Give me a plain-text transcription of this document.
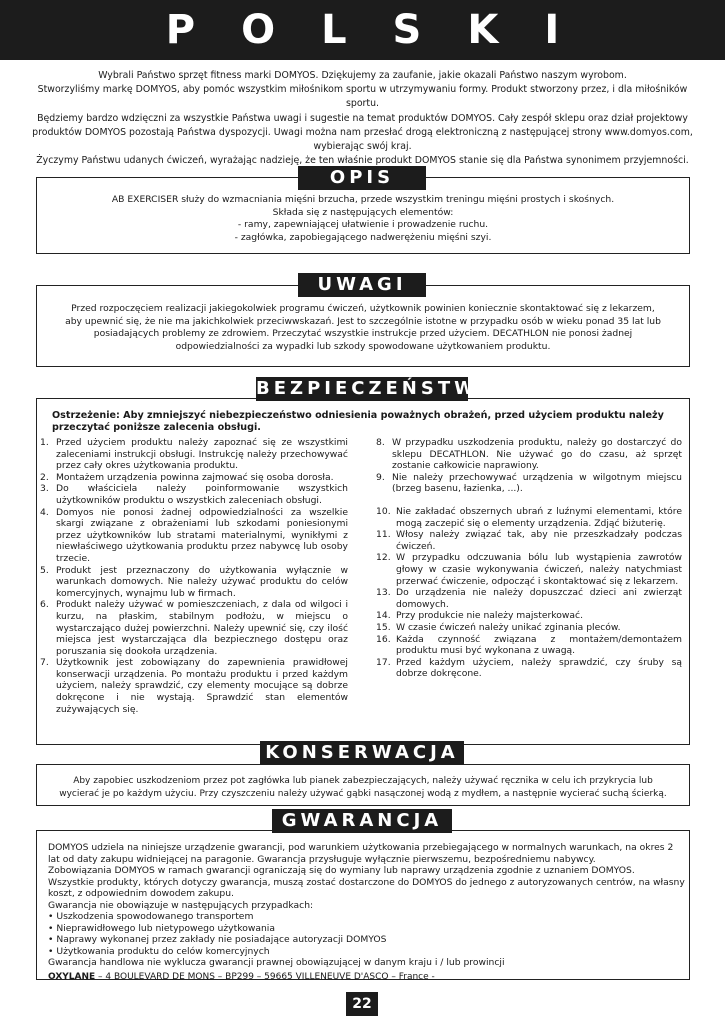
POLSKI

Wybrali Państwo sprzęt fitness marki DOMYOS. Dziękujemy za zaufanie, jakie okazali Państwo naszym wyrobom.

Stworzyliśmy markę DOMYOS, aby pomóc wszystkim miłośnikom sportu w utrzymywaniu formy. Produkt stworzony przez, i dla miłośników sportu.

Będziemy bardzo wdzięczni za wszystkie Państwa uwagi i sugestie na temat produktów DOMYOS. Cały zespół sklepu oraz dział projektowy

produktów DOMYOS pozostają Państwa dyspozycji. Uwagi można nam przesłać drogą elektroniczną z następującej strony www.domyos.com,

wybierając swój kraj.

Życzymy Państwu udanych ćwiczeń, wyrażając nadzieję, że ten właśnie produkt DOMYOS stanie się dla Państwa synonimem przyjemności.

AB EXERCISER służy do wzmacniania mięśni brzucha, przede wszystkim treningu mięśni prostych i skośnych.

Składa się z następujących elementów:

- ramy, zapewniającej ułatwienie i prowadzenie ruchu.

- zagłówka, zapobiegającego nadwerężeniu mięśni szyi.

OPIS

Przed rozpoczęciem realizacji jakiegokolwiek programu ćwiczeń, użytkownik powinien koniecznie skontaktować się z lekarzem,

aby upewnić się, że nie ma jakichkolwiek przeciwwskazań. Jest to szczególnie istotne w przypadku osób w wieku ponad 35 lat lub

posiadających problemy ze zdrowiem. Przeczytać wszystkie instrukcje przed użyciem. DECATHLON nie ponosi żadnej

odpowiedzialności za wypadki lub szkody spowodowane użytkowaniem produktu.

UWAGI
BEZPIECZEŃSTWO
Ostrzeżenie: Aby zmniejszyć niebezpieczeństwo odniesienia poważnych obrażeń, przed użyciem produktu należy przeczytać poniższe zalecenia obsługi.
1. Przed użyciem produktu należy zapoznać się ze wszystkimi zaleceniami instrukcji obsługi. Instrukcję należy przechowywać przez cały okres użytkowania produktu.
2. Montażem urządzenia powinna zajmować się osoba dorosła.
3. Do właściciela należy poinformowanie wszystkich użytkowników produktu o wszystkich zaleceniach obsługi.
4. Domyos nie ponosi żadnej odpowiedzialności za wszelkie skargi związane z obrażeniami lub szkodami poniesionymi przez użytkowników lub stratami materialnymi, wynikłymi z niewłaściwego użytkowania produktu przez nabywcę lub osoby trzecie.
5. Produkt jest przeznaczony do użytkowania wyłącznie w warunkach domowych. Nie należy używać produktu do celów komercyjnych, wynajmu lub w firmach.
6. Produkt należy używać w pomieszczeniach, z dala od wilgoci i kurzu, na płaskim, stabilnym podłożu, w miejscu o wystarczająco dużej powierzchni. Należy upewnić się, czy ilość miejsca jest wystarczająca dla bezpiecznego dostępu oraz poruszania się dookoła urządzenia.
7. Użytkownik jest zobowiązany do zapewnienia prawidłowej konserwacji urządzenia. Po montażu produktu i przed każdym użyciem, należy sprawdzić, czy elementy mocujące są dobrze dokręcone i nie wystają. Sprawdzić stan elementów zużywających się.
8. W przypadku uszkodzenia produktu, należy go dostarczyć do sklepu DECATHLON. Nie używać go do czasu, aż sprzęt zostanie całkowicie naprawiony.
9. Nie należy przechowywać urządzenia w wilgotnym miejscu (brzeg basenu, łazienka, ...).
10. Nie zakładać obszernych ubrań z luźnymi elementami, które mogą zaczepić się o elementy urządzenia. Zdjąć biżuterię.
11. Włosy należy związać tak, aby nie przeszkadzały podczas ćwiczeń.
12. W przypadku odczuwania bólu lub wystąpienia zawrotów głowy w czasie wykonywania ćwiczeń, należy natychmiast przerwać ćwiczenie, odpocząć i skontaktować się z lekarzem.
13. Do urządzenia nie należy dopuszczać dzieci ani zwierząt domowych.
14. Przy produkcie nie należy majsterkować.
15. W czasie ćwiczeń należy unikać zginania pleców.
16. Każda czynność związana z montażem/demontażem produktu musi być wykonana z uwagą.
17. Przed każdym użyciem, należy sprawdzić, czy śruby są dobrze dokręcone.

Aby zapobiec uszkodzeniom przez pot zagłówka lub pianek zabezpieczających, należy używać ręcznika w celu ich przykrycia lub

wycierać je po każdym użyciu. Przy czyszczeniu należy używać gąbki nasączonej wodą z mydłem, a następnie wycierać suchą ścierką.

KONSERWACJA
GWARANCJA

DOMYOS udziela na niniejsze urządzenie gwarancji, pod warunkiem użytkowania przebiegającego w normalnych warunkach, na okres 2

lat od daty zakupu widniejącej na paragonie. Gwarancja przysługuje wyłącznie pierwszemu, bezpośredniemu nabywcy.

Zobowiązania DOMYOS w ramach gwarancji ograniczają się do wymiany lub naprawy urządzenia zgodnie z uznaniem DOMYOS.

Wszystkie produkty, których dotyczy gwarancja, muszą zostać dostarczone do DOMYOS do jednego z autoryzowanych centrów, na własny

koszt, z odpowiednim dowodem zakupu.

Gwarancja nie obowiązuje w następujących przypadkach:

• Uszkodzenia spowodowanego transportem

• Nieprawidłowego lub nietypowego użytkowania

• Naprawy wykonanej przez zakłady nie posiadające autoryzacji DOMYOS

• Użytkowania produktu do celów komercyjnych

Gwarancja handlowa nie wyklucza gwarancji prawnej obowiązującej w danym kraju i / lub prowincji

OXYLANE – 4 BOULEVARD DE MONS – BP299 – 59665 VILLENEUVE D'ASCQ – France -
22
